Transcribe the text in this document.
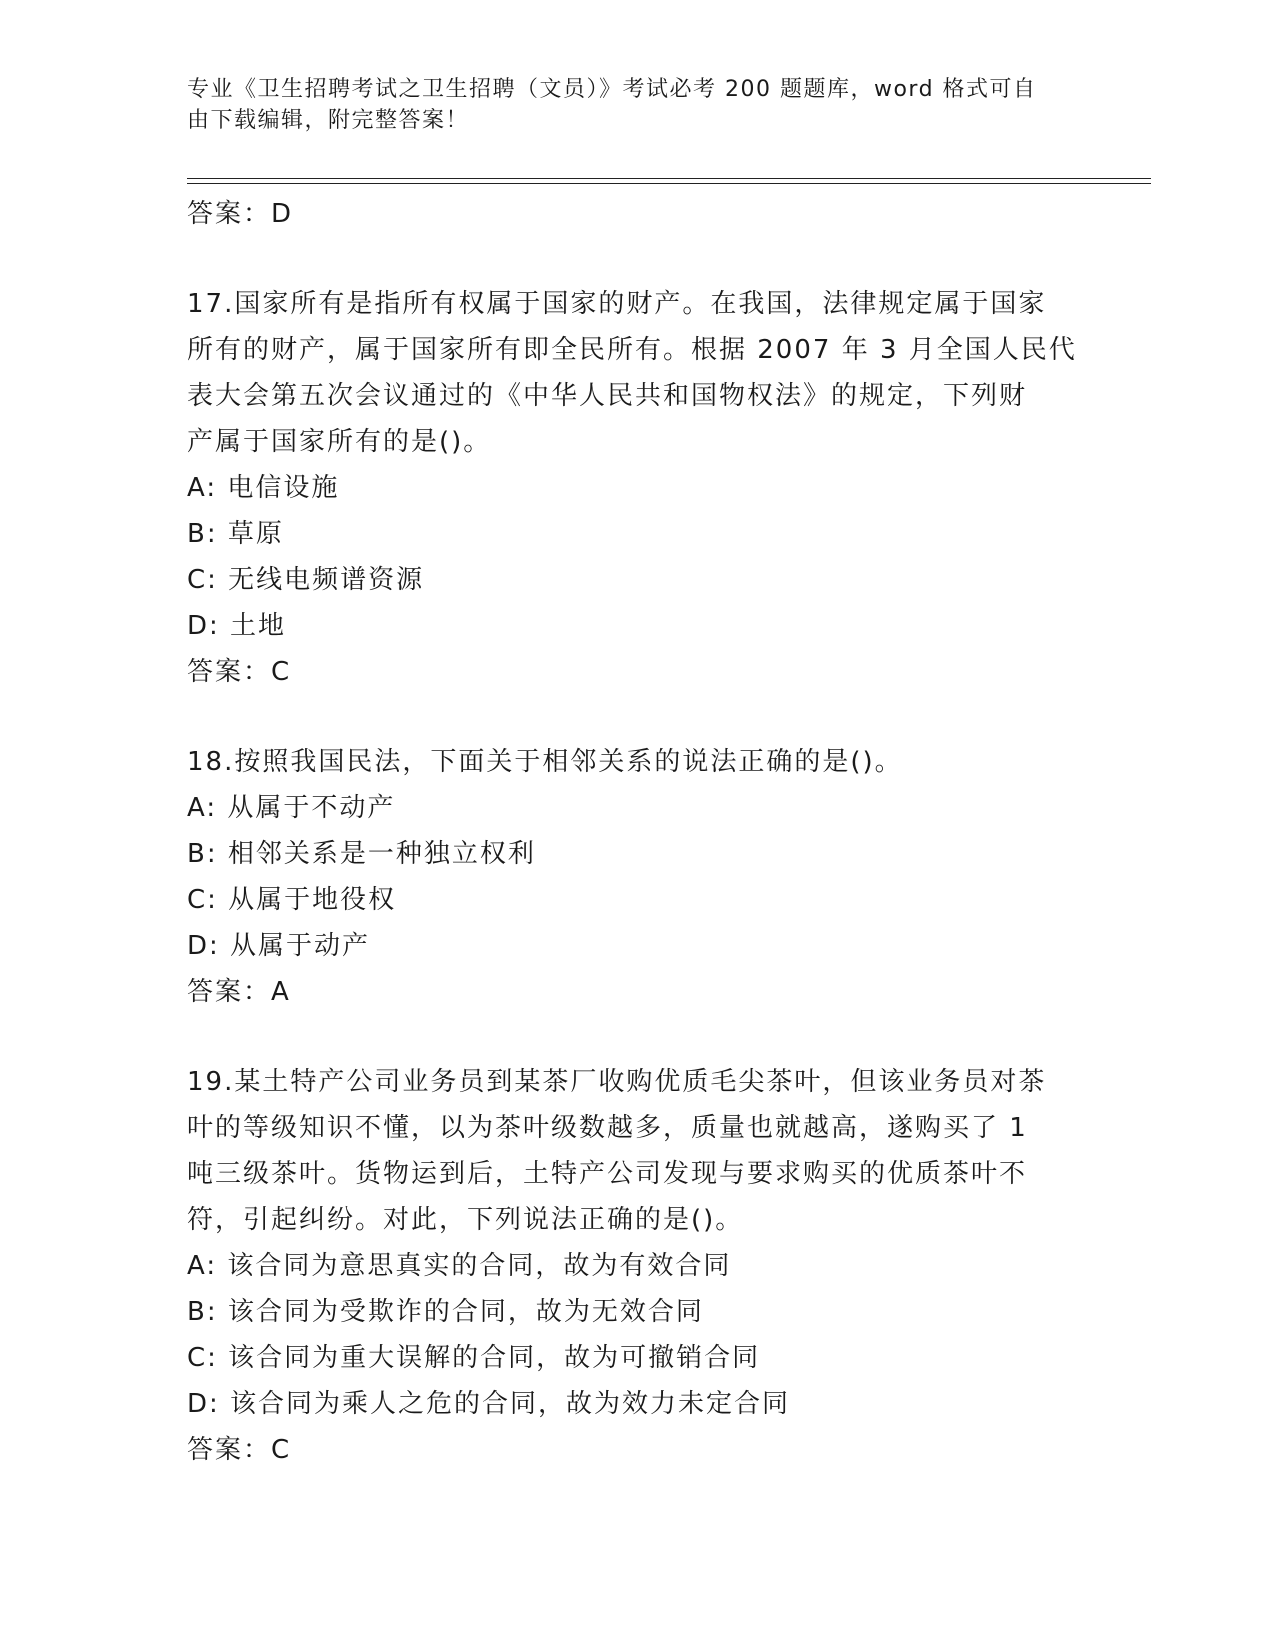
专业《卫生招聘考试之卫生招聘（文员）》考试必考 200 题题库，word 格式可自
由下载编辑，附完整答案！
答案：D
17.国家所有是指所有权属于国家的财产。在我国，法律规定属于国家
所有的财产，属于国家所有即全民所有。根据 2007 年 3 月全国人民代
表大会第五次会议通过的《中华人民共和国物权法》的规定，下列财
产属于国家所有的是()。
A: 电信设施
B: 草原
C: 无线电频谱资源
D: 土地
答案：C
18.按照我国民法，下面关于相邻关系的说法正确的是()。
A: 从属于不动产
B: 相邻关系是一种独立权利
C: 从属于地役权
D: 从属于动产
答案：A
19.某土特产公司业务员到某茶厂收购优质毛尖茶叶，但该业务员对茶
叶的等级知识不懂，以为茶叶级数越多，质量也就越高，遂购买了 1
吨三级茶叶。货物运到后，土特产公司发现与要求购买的优质茶叶不
符，引起纠纷。对此，下列说法正确的是()。
A: 该合同为意思真实的合同，故为有效合同
B: 该合同为受欺诈的合同，故为无效合同
C: 该合同为重大误解的合同，故为可撤销合同
D: 该合同为乘人之危的合同，故为效力未定合同
答案：C
